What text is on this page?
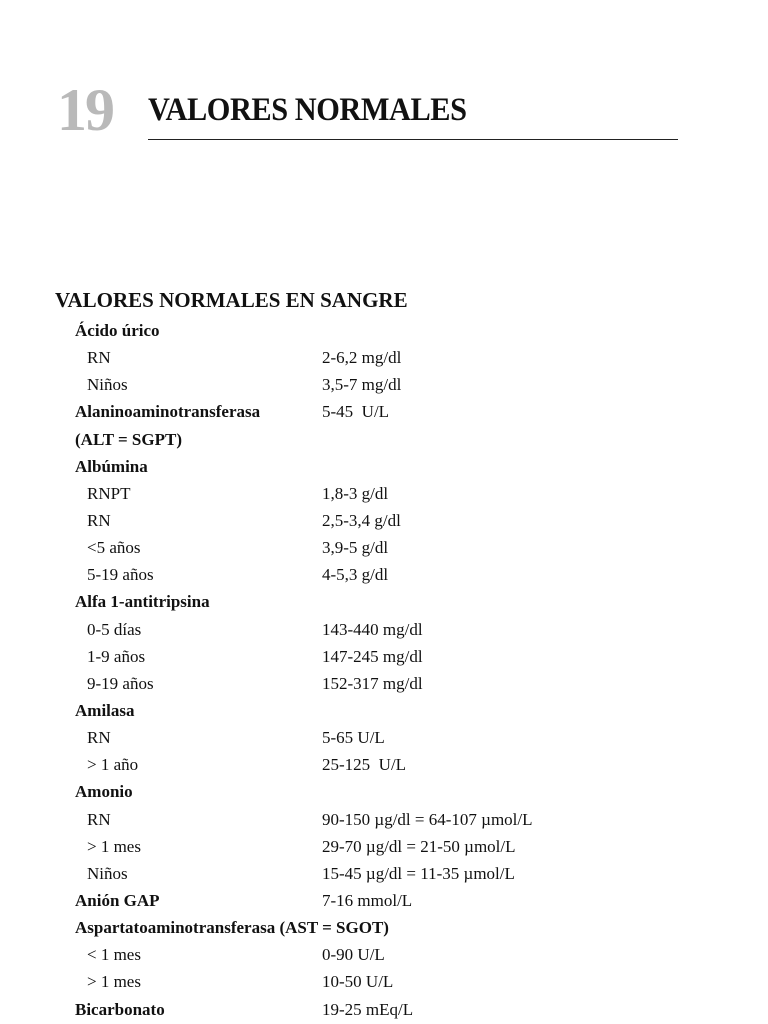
19 VALORES NORMALES
VALORES NORMALES EN SANGRE
Ácido úrico
RN	2-6,2 mg/dl
Niños	3,5-7 mg/dl
Alaninoaminotransferasa	5-45  U/L
(ALT = SGPT)
Albúmina
RNPT	1,8-3 g/dl
RN	2,5-3,4 g/dl
<5 años	3,9-5 g/dl
5-19 años	4-5,3 g/dl
Alfa 1-antitripsina
0-5 días	143-440 mg/dl
1-9 años	147-245 mg/dl
9-19 años	152-317 mg/dl
Amilasa
RN	5-65 U/L
> 1 año	25-125  U/L
Amonio
RN	90-150 µg/dl = 64-107 µmol/L
> 1 mes	29-70 µg/dl = 21-50 µmol/L
Niños	15-45 µg/dl = 11-35 µmol/L
Anión GAP	7-16 mmol/L
Aspartatoaminotransferasa (AST = SGOT)
< 1 mes	0-90 U/L
> 1 mes	10-50 U/L
Bicarbonato	19-25 mEq/L
